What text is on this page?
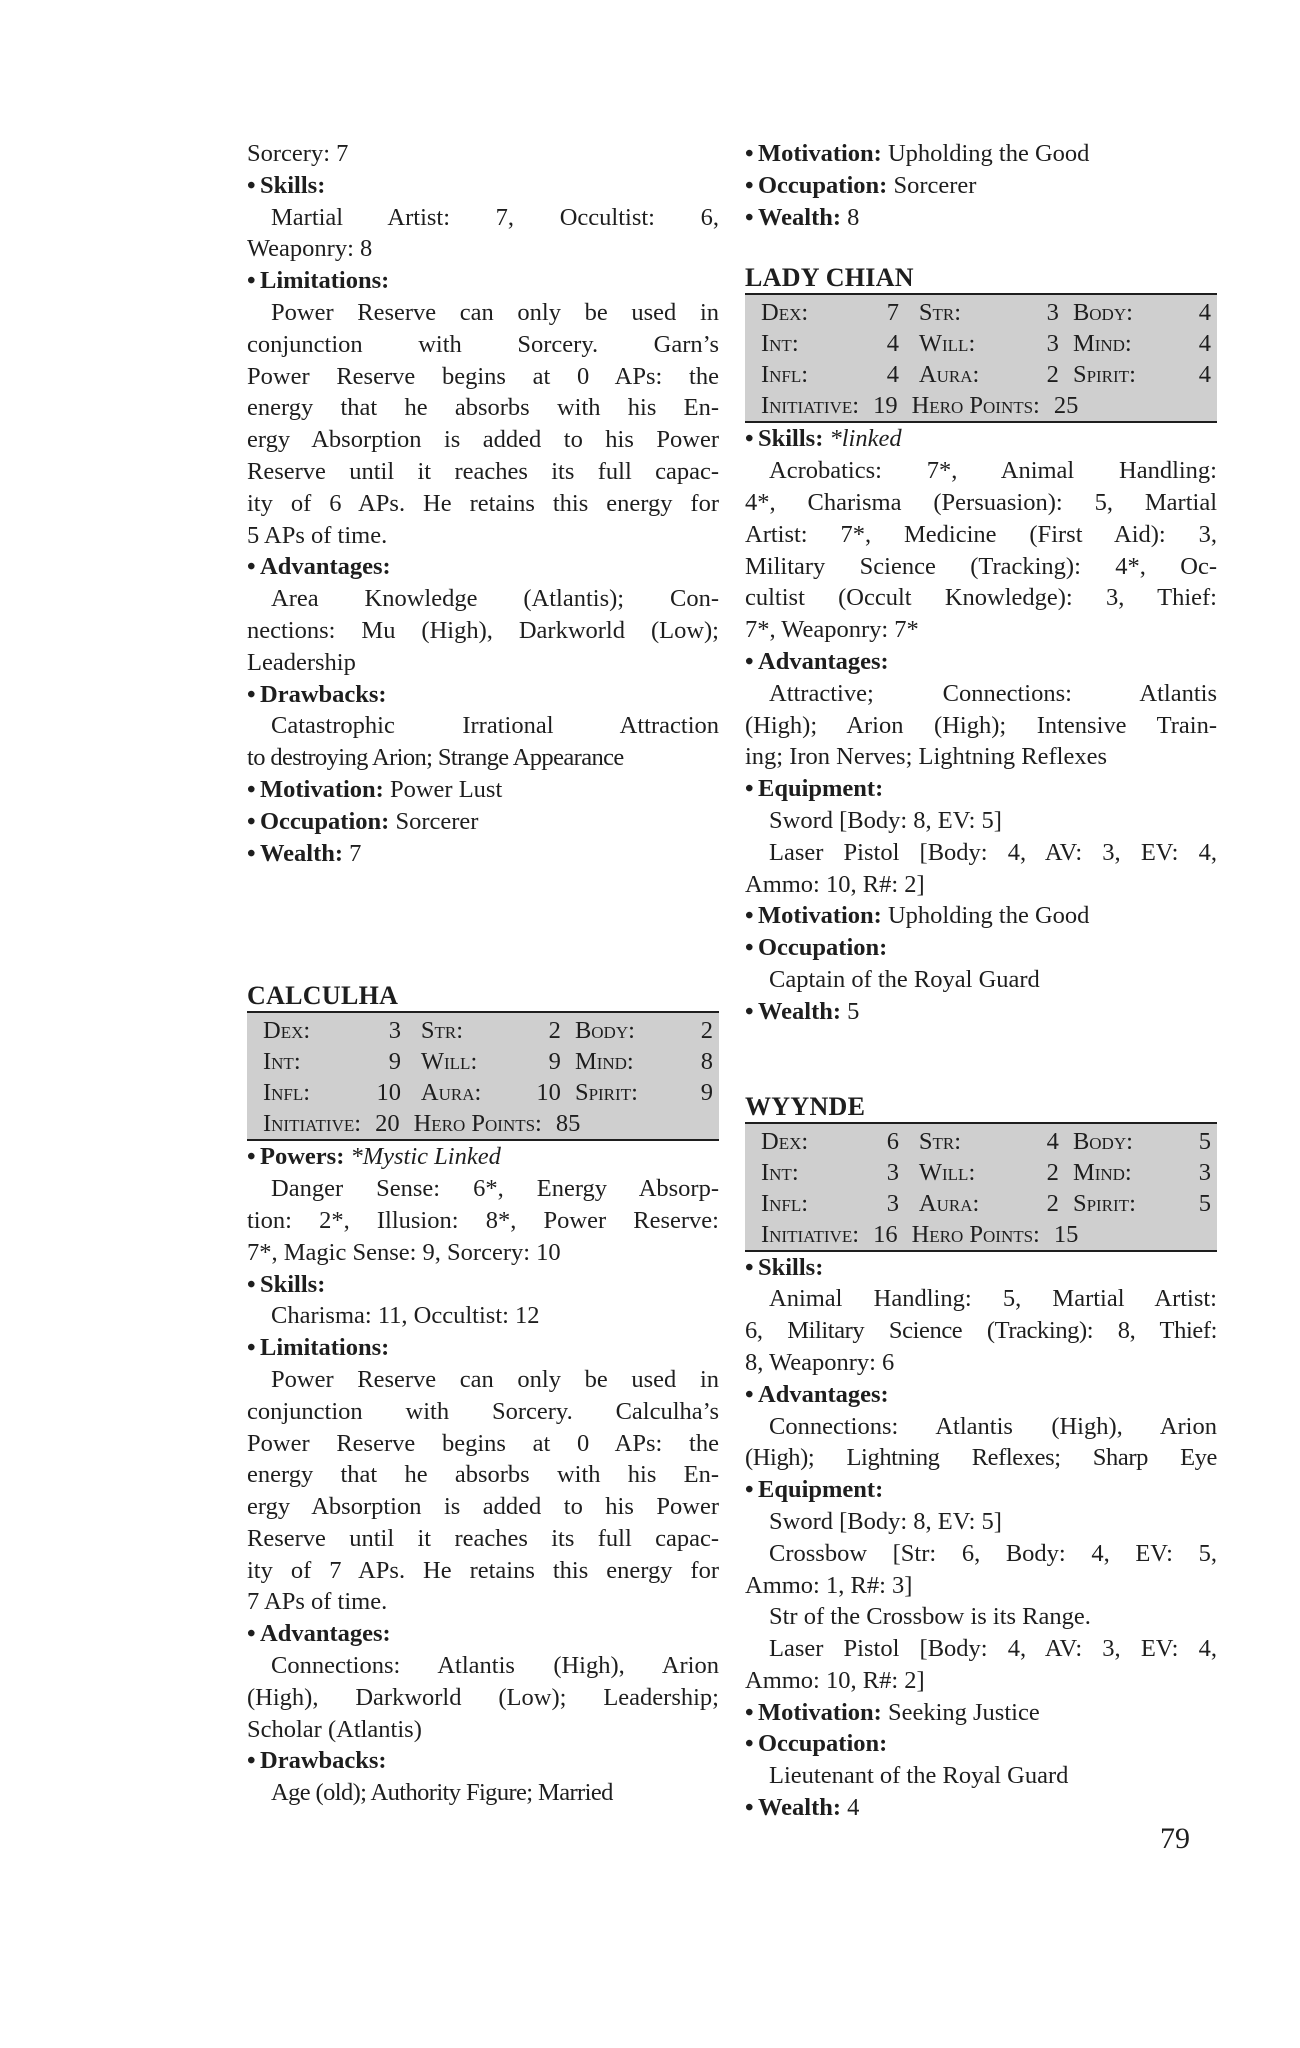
Sorcery: 7
• Skills:
Martial Artist: 7, Occultist: 6,
Weaponry: 8
• Limitations:
Power Reserve can only be used in
conjunction with Sorcery. Garn’s
Power Reserve begins at 0 APs: the
energy that he absorbs with his En-
ergy Absorption is added to his Power
Reserve until it reaches its full capac-
ity of 6 APs. He retains this energy for
5 APs of time.
• Advantages:
Area Knowledge (Atlantis); Con-
nections: Mu (High), Darkworld (Low);
Leadership
• Drawbacks:
Catastrophic Irrational Attraction
to destroying Arion; Strange Appearance
• Motivation: Power Lust
• Occupation: Sorcerer
• Wealth: 7
CALCULHA
Dex:	3 Str:	2 Body:	2
Int:	9 Will:	9 Mind:	8
Infl:	10 Aura:	10 Spirit:	9
Initiative: 20 Hero Points: 85
• Powers: *Mystic Linked
Danger Sense: 6*, Energy Absorp-
tion: 2*, Illusion: 8*, Power Reserve:
7*, Magic Sense: 9, Sorcery: 10
• Skills:
Charisma: 11, Occultist: 12
• Limitations:
Power Reserve can only be used in
conjunction with Sorcery. Calculha’s
Power Reserve begins at 0 APs: the
energy that he absorbs with his En-
ergy Absorption is added to his Power
Reserve until it reaches its full capac-
ity of 7 APs. He retains this energy for
7 APs of time.
• Advantages:
Connections: Atlantis (High), Arion
(High), Darkworld (Low); Leadership;
Scholar (Atlantis)
• Drawbacks:
Age (old); Authority Figure; Married
• Motivation: Upholding the Good
• Occupation: Sorcerer
• Wealth: 8
LADY CHIAN
Dex:	7 Str:	3 Body:	4
Int:	4 Will:	3 Mind:	4
Infl:	4 Aura:	2 Spirit:	4
Initiative: 19 Hero Points: 25
• Skills: *linked
Acrobatics: 7*, Animal Handling:
4*, Charisma (Persuasion): 5, Martial
Artist: 7*, Medicine (First Aid): 3,
Military Science (Tracking): 4*, Oc-
cultist (Occult Knowledge): 3, Thief:
7*, Weaponry: 7*
• Advantages:
Attractive; Connections: Atlantis
(High); Arion (High); Intensive Train-
ing; Iron Nerves; Lightning Reflexes
• Equipment:
Sword [Body: 8, EV: 5]
Laser Pistol [Body: 4, AV: 3, EV: 4,
Ammo: 10, R#: 2]
• Motivation: Upholding the Good
• Occupation:
Captain of the Royal Guard
• Wealth: 5
WYYNDE
Dex:	6 Str:	4 Body:	5
Int:	3 Will:	2 Mind:	3
Infl:	3 Aura:	2 Spirit:	5
Initiative: 16 Hero Points: 15
• Skills:
Animal Handling: 5, Martial Artist:
6, Military Science (Tracking): 8, Thief:
8, Weaponry: 6
• Advantages:
Connections: Atlantis (High), Arion
(High); Lightning Reflexes; Sharp Eye
• Equipment:
Sword [Body: 8, EV: 5]
Crossbow [Str: 6, Body: 4, EV: 5,
Ammo: 1, R#: 3]
Str of the Crossbow is its Range.
Laser Pistol [Body: 4, AV: 3, EV: 4,
Ammo: 10, R#: 2]
• Motivation: Seeking Justice
• Occupation:
Lieutenant of the Royal Guard
• Wealth: 4
79
